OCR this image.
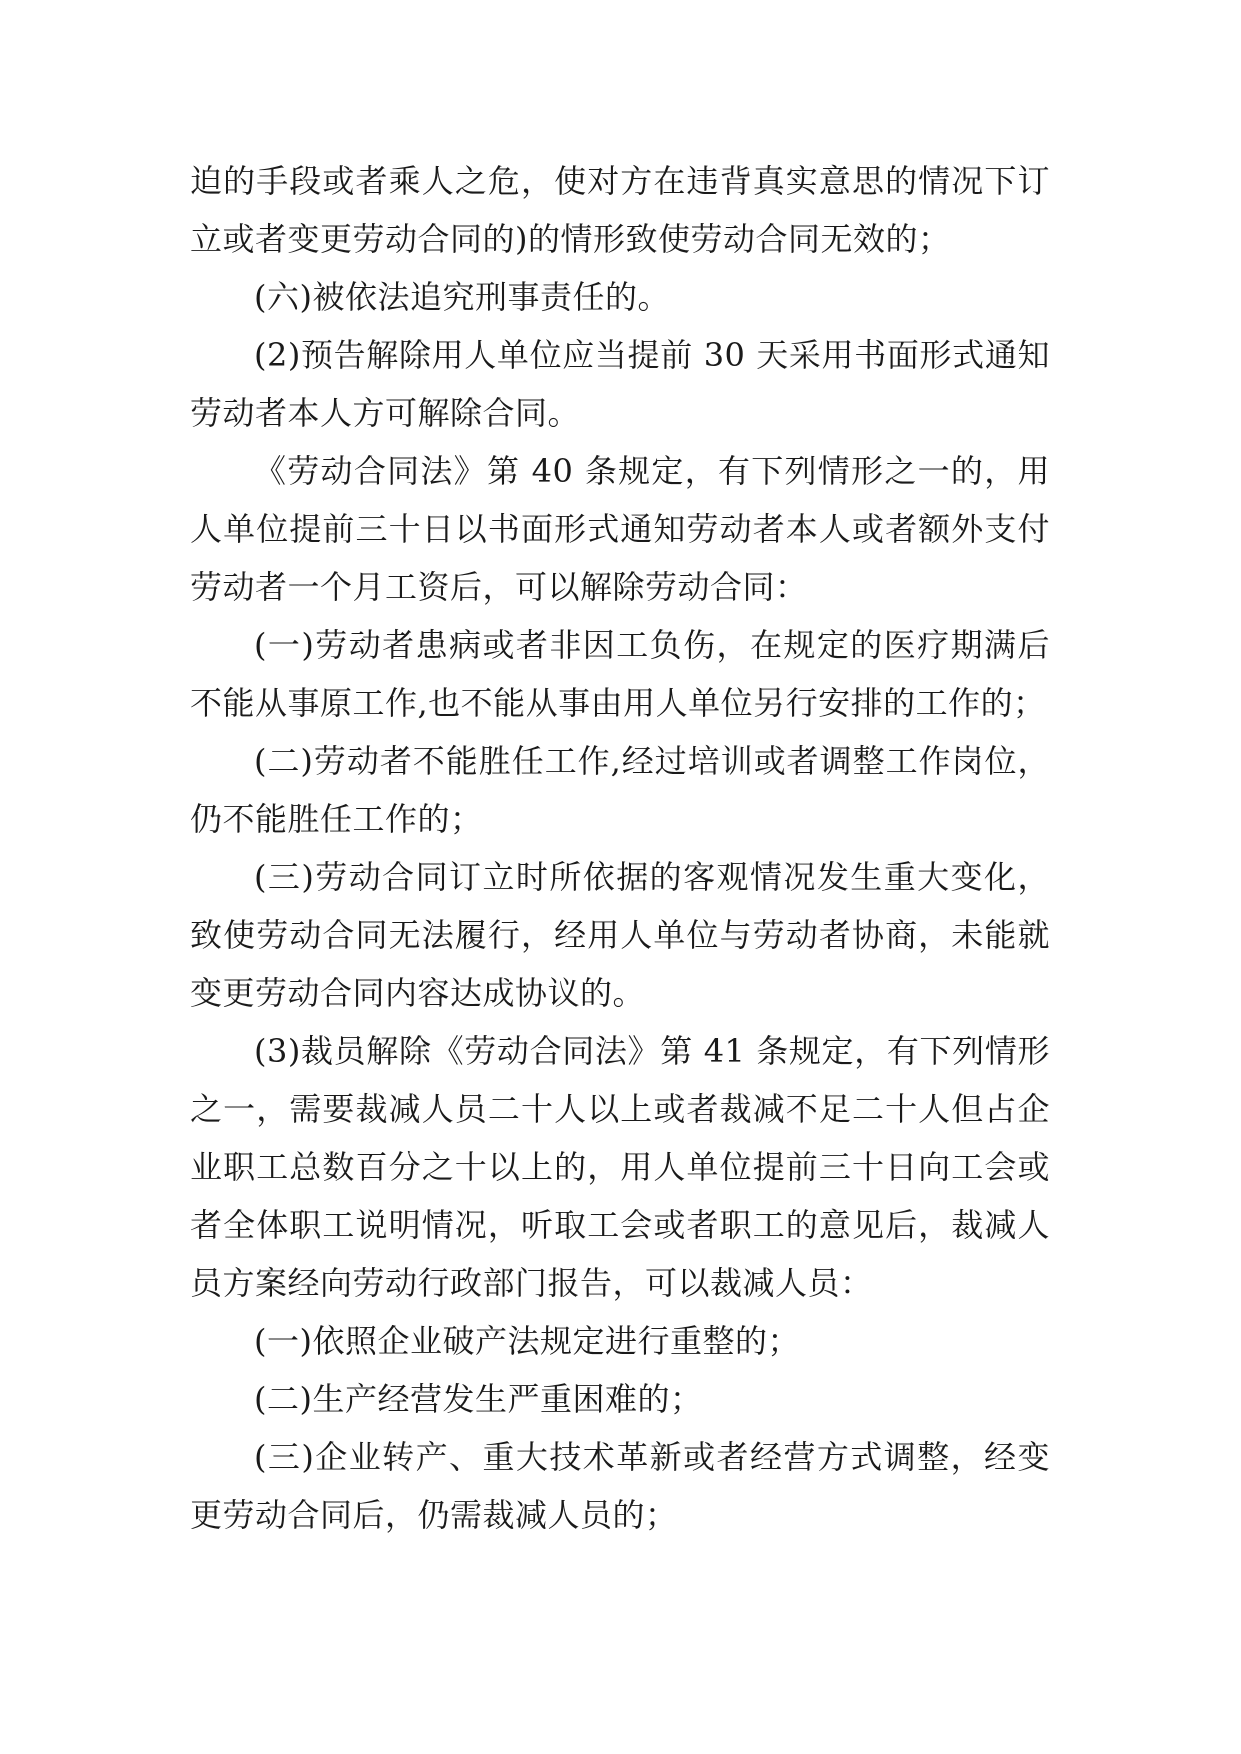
迫的手段或者乘人之危，使对方在违背真实意思的情况下订立或者变更劳动合同的)的情形致使劳动合同无效的；

(六)被依法追究刑事责任的。

(2)预告解除用人单位应当提前 30 天采用书面形式通知劳动者本人方可解除合同。

《劳动合同法》第 40 条规定，有下列情形之一的，用人单位提前三十日以书面形式通知劳动者本人或者额外支付劳动者一个月工资后，可以解除劳动合同：

(一)劳动者患病或者非因工负伤，在规定的医疗期满后不能从事原工作,也不能从事由用人单位另行安排的工作的；

(二)劳动者不能胜任工作,经过培训或者调整工作岗位，仍不能胜任工作的；

(三)劳动合同订立时所依据的客观情况发生重大变化，致使劳动合同无法履行，经用人单位与劳动者协商，未能就变更劳动合同内容达成协议的。

(3)裁员解除《劳动合同法》第 41 条规定，有下列情形之一，需要裁减人员二十人以上或者裁减不足二十人但占企业职工总数百分之十以上的，用人单位提前三十日向工会或者全体职工说明情况，听取工会或者职工的意见后，裁减人员方案经向劳动行政部门报告，可以裁减人员：

(一)依照企业破产法规定进行重整的；

(二)生产经营发生严重困难的；

(三)企业转产、重大技术革新或者经营方式调整，经变更劳动合同后，仍需裁减人员的；
